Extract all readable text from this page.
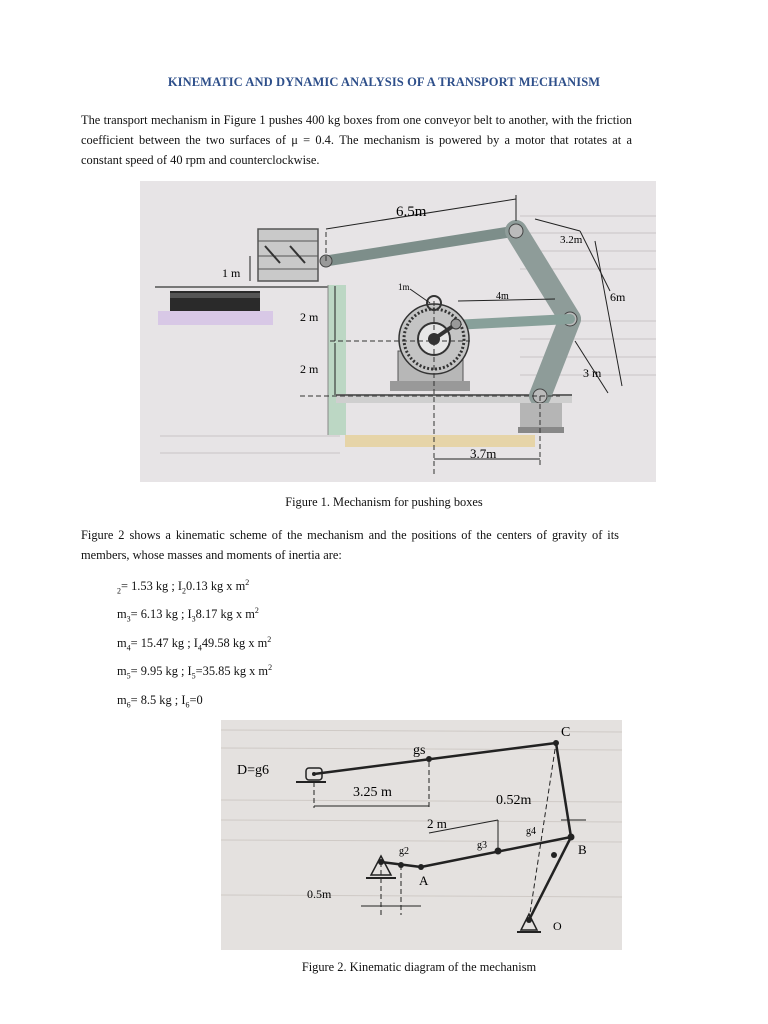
KINEMATIC AND DYNAMIC ANALYSIS OF A TRANSPORT MECHANISM
The transport mechanism in Figure 1 pushes 400 kg boxes from one conveyor belt to another, with the friction coefficient between the two surfaces of μ = 0.4. The mechanism is powered by a motor that rotates at a constant speed of 40 rpm and counterclockwise.
6.5m
3.2m
1 m
1m
4m	6m
2 m
2 m	3 m
3.7m
Figure 1. Mechanism for pushing boxes
Figure 2 shows a kinematic scheme of the mechanism and the positions of the centers of gravity of its members, whose masses and moments of inertia are:
$_2$= 1.53 kg ; $I_20.13$ kg x $m^2$
$m_3= 6.13$ kg ; $I_38.17$ kg x $m^2$
$m_4= 15.47$ kg ; $I_449.58$ kg x $m^2$
$m_5= 9.95$ kg ; $I_5=35.85$ kg x $m^2$
$m_6= 8.5$ kg ; $I_6=0$
D=g6
gs
C
3.25 m
0.52m
2 m
g4
g3
g2
A
B
0.5m
O
Figure 2. Kinematic diagram of the mechanism
